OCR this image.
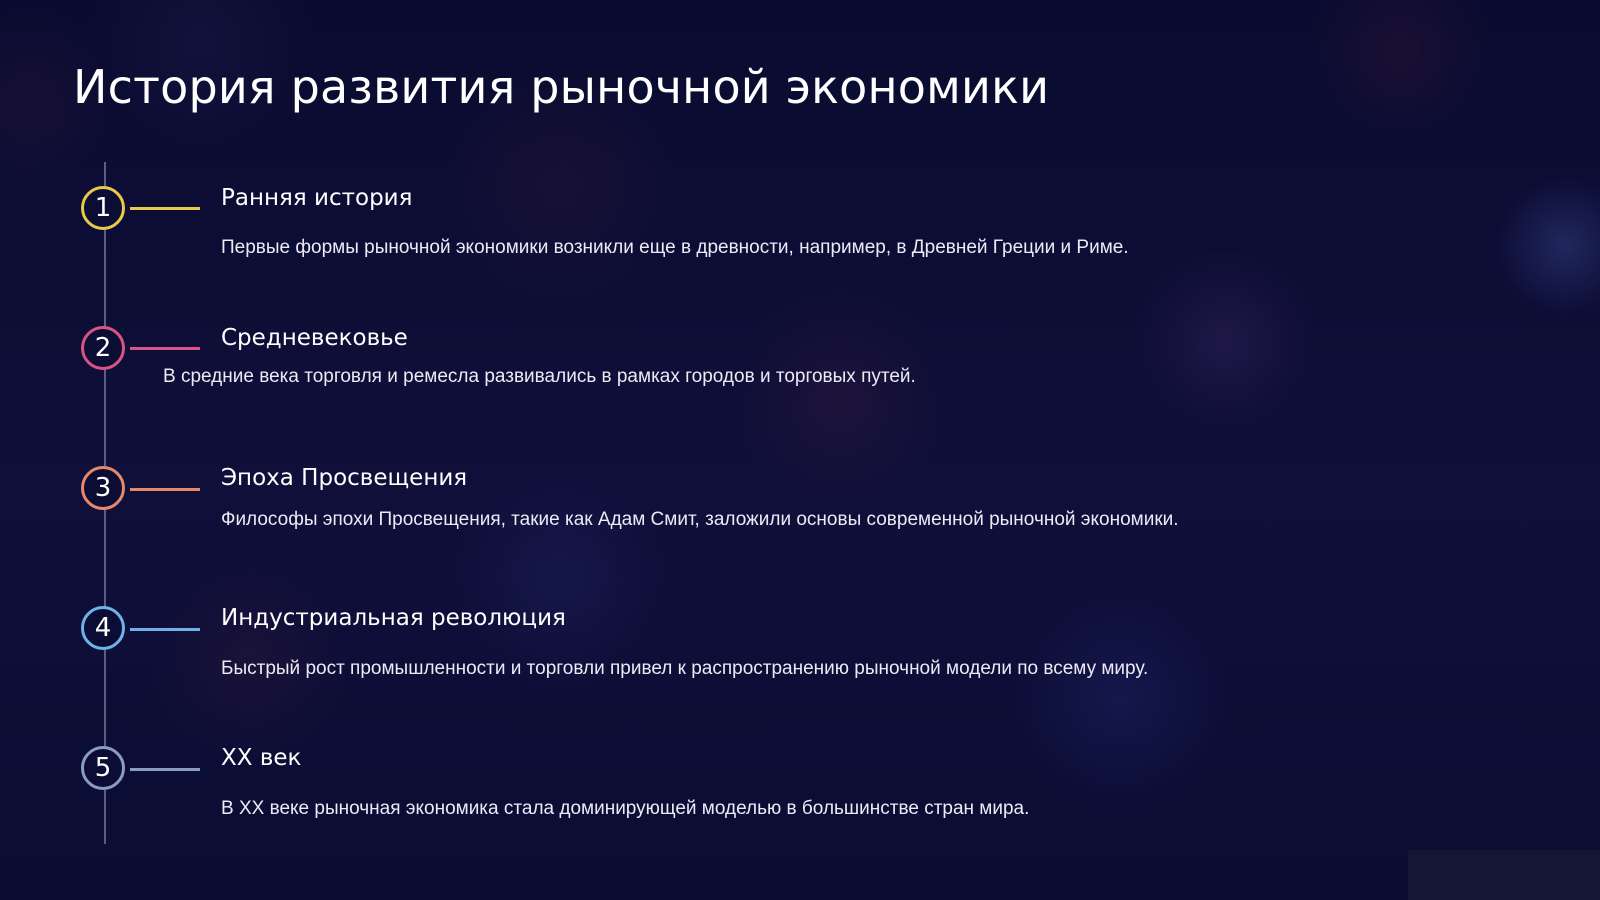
История развития рыночной экономики
1	Ранняя история

Первые формы рыночной экономики возникли еще в древности, например, в Древней Греции и Риме.

2	Средневековье

В средние века торговля и ремесла развивались в рамках городов и торговых путей.

3	Эпоха Просвещения

Философы эпохи Просвещения, такие как Адам Смит, заложили основы современной рыночной экономики.

4	Индустриальная революция

Быстрый рост промышленности и торговли привел к распространению рыночной модели по всему миру.

5	XX век

В XX веке рыночная экономика стала доминирующей моделью в большинстве стран мира.
